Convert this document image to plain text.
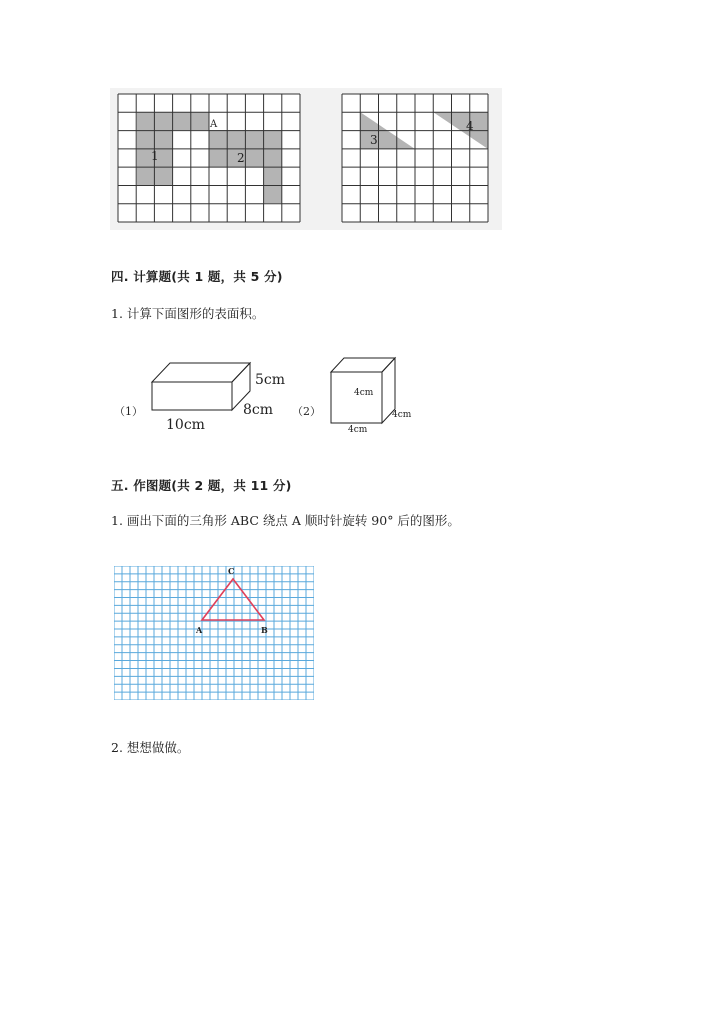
1	2
A
3
4
四. 计算题(共 1 题，共 5 分)
1. 计算下面图形的表面积。
（1）
5cm
8cm
10cm
（2）
4cm
4cm
4cm
五. 作图题(共 2 题，共 11 分)
1. 画出下面的三角形 ABC 绕点 A 顺时针旋转 90° 后的图形。
A	B
C
2. 想想做做。
